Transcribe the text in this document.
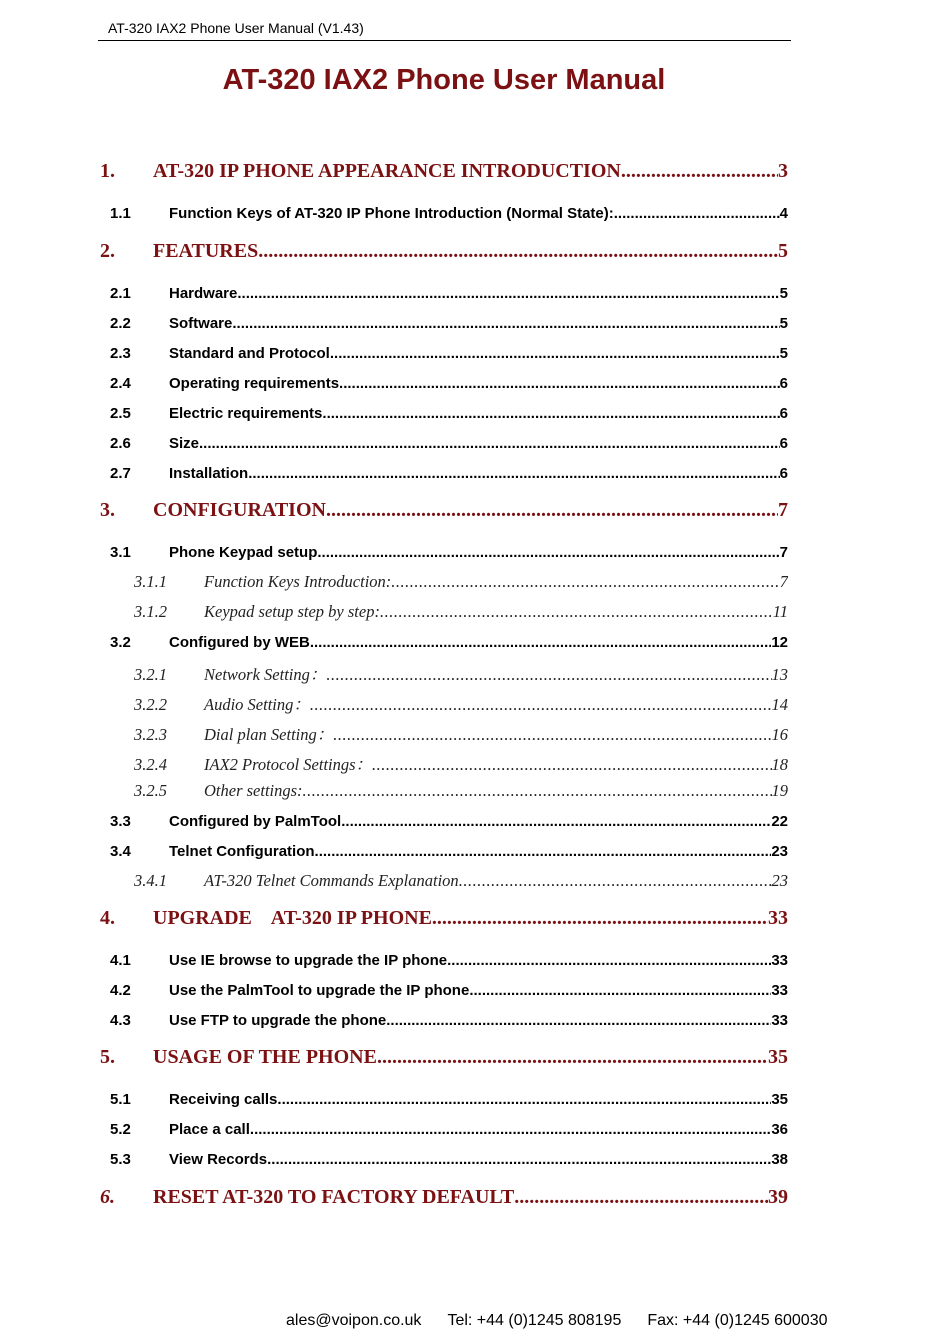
AT-320 IAX2 Phone User Manual (V1.43)
AT-320 IAX2 Phone User Manual
1.	AT-320 IP PHONE APPEARANCE INTRODUCTION .....	3
1.1	Function Keys of AT-320 IP Phone Introduction (Normal State): .....	4
2.	FEATURES .....	5
2.1	Hardware .....	5
2.2	Software .....	5
2.3	Standard and Protocol .....	5
2.4	Operating requirements .....	6
2.5	Electric requirements .....	6
2.6	Size .....	6
2.7	Installation .....	6
3.	CONFIGURATION .....	7
3.1	Phone Keypad setup .....	7
3.1.1	Function Keys Introduction: .....	7
3.1.2	Keypad setup step by step: .....	11
3.2	Configured by WEB .....	12
3.2.1	Network Setting： .....	13
3.2.2	Audio Setting： .....	14
3.2.3	Dial plan Setting： .....	16
3.2.4	IAX2 Protocol Settings： .....	18
3.2.5	Other settings: .....	19
3.3	Configured by PalmTool .....	22
3.4	Telnet Configuration .....	23
3.4.1	AT-320 Telnet Commands Explanation .....	23
4.	UPGRADE    AT-320 IP PHONE .....	33
4.1	Use IE browse to upgrade the IP phone .....	33
4.2	Use the PalmTool to upgrade the IP phone .....	33
4.3	Use FTP to upgrade the phone .....	33
5.	USAGE OF THE PHONE .....	35
5.1	Receiving calls .....	35
5.2	Place a call .....	36
5.3	View Records .....	38
6.	RESET AT-320 TO FACTORY DEFAULT .....	39
ales@voipon.co.uk Tel: +44 (0)1245 808195 Fax: +44 (0)1245 600030
